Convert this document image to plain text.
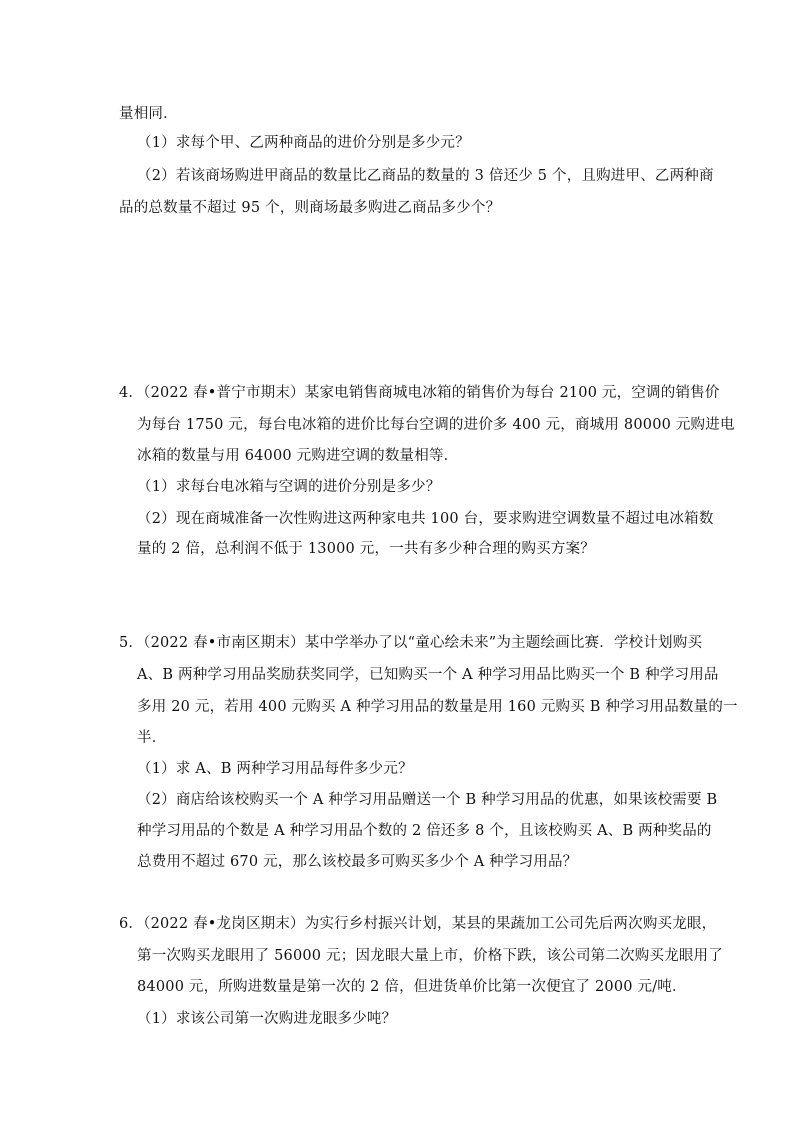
量相同．
（1）求每个甲、乙两种商品的进价分别是多少元？
（2）若该商场购进甲商品的数量比乙商品的数量的 3 倍还少 5 个，且购进甲、乙两种商
品的总数量不超过 95 个，则商场最多购进乙商品多少个？
4．（2022 春•普宁市期末）某家电销售商城电冰箱的销售价为每台 2100 元，空调的销售价
为每台 1750 元，每台电冰箱的进价比每台空调的进价多 400 元，商城用 80000 元购进电
冰箱的数量与用 64000 元购进空调的数量相等．
（1）求每台电冰箱与空调的进价分别是多少？
（2）现在商城准备一次性购进这两种家电共 100 台，要求购进空调数量不超过电冰箱数
量的 2 倍，总利润不低于 13000 元，一共有多少种合理的购买方案？
5．（2022 春•市南区期末）某中学举办了以“童心绘未来”为主题绘画比赛．学校计划购买
A、B 两种学习用品奖励获奖同学，已知购买一个 A 种学习用品比购买一个 B 种学习用品
多用 20 元，若用 400 元购买 A 种学习用品的数量是用 160 元购买 B 种学习用品数量的一
半．
（1）求 A、B 两种学习用品每件多少元？
（2）商店给该校购买一个 A 种学习用品赠送一个 B 种学习用品的优惠，如果该校需要 B
种学习用品的个数是 A 种学习用品个数的 2 倍还多 8 个，且该校购买 A、B 两种奖品的
总费用不超过 670 元，那么该校最多可购买多少个 A 种学习用品？
6．（2022 春•龙岗区期末）为实行乡村振兴计划，某县的果蔬加工公司先后两次购买龙眼，
第一次购买龙眼用了 56000 元；因龙眼大量上市，价格下跌，该公司第二次购买龙眼用了
84000 元，所购进数量是第一次的 2 倍，但进货单价比第一次便宜了 2000 元/吨．
（1）求该公司第一次购进龙眼多少吨？
